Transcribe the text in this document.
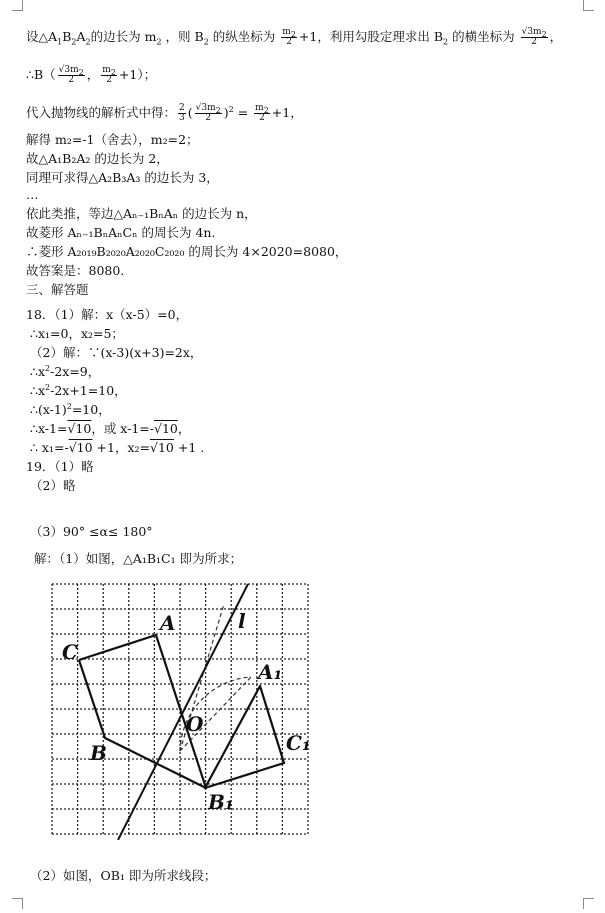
设$\triangle A_1B_2A_2$的边长为 $m_2$ ，则 $B_2$ 的纵坐标为 $\frac{m_2}{2} +1$，利用勾股定理求出 $B_2$ 的横坐标为 $\frac{√3m_2}{2}$ ，
∴B（ $\frac{√3m_2}{2}$ ， $\frac{m_2}{2} +1$）；
代入抛物线的解析式中得： $\frac{2}{3}$ ( $\frac{√3m_2}{2} )^2 = \frac{m_2}{2} +1$，
解得 m₂=-1（舍去），m₂=2；
故△A₁B₂A₂ 的边长为 2，
同理可求得△A₂B₃A₃ 的边长为 3，
…
依此类推，等边△Aₙ₋₁BₙAₙ 的边长为 n，
故菱形 Aₙ₋₁BₙAₙCₙ 的周长为 4n.
∴菱形 A₂₀₁₉B₂₀₂₀A₂₀₂₀C₂₀₂₀ 的周长为 4×2020=8080，
故答案是：8080.
三、解答题
18．（1）解：x（x-5）=0，
∴x₁=0，x₂=5；
（2）解：∵(x-3)(x+3)=2x，
$\therefore x^2-2x=9$，
$\therefore x^2-2x+1=10$，
$\therefore(x-1)^2=10$，
∴x-1=√10，或 x-1=-√10，
∴ x₁=-√10 +1，x₂=√10 +1 .
19．（1）略
（2）略
（3）90° ≤α≤ 180°
解：（1）如图，△A₁B₁C₁ 即为所求；
C
A	l
B
O
A₁
C₁
B₁
（2）如图，OB₁ 即为所求线段；
